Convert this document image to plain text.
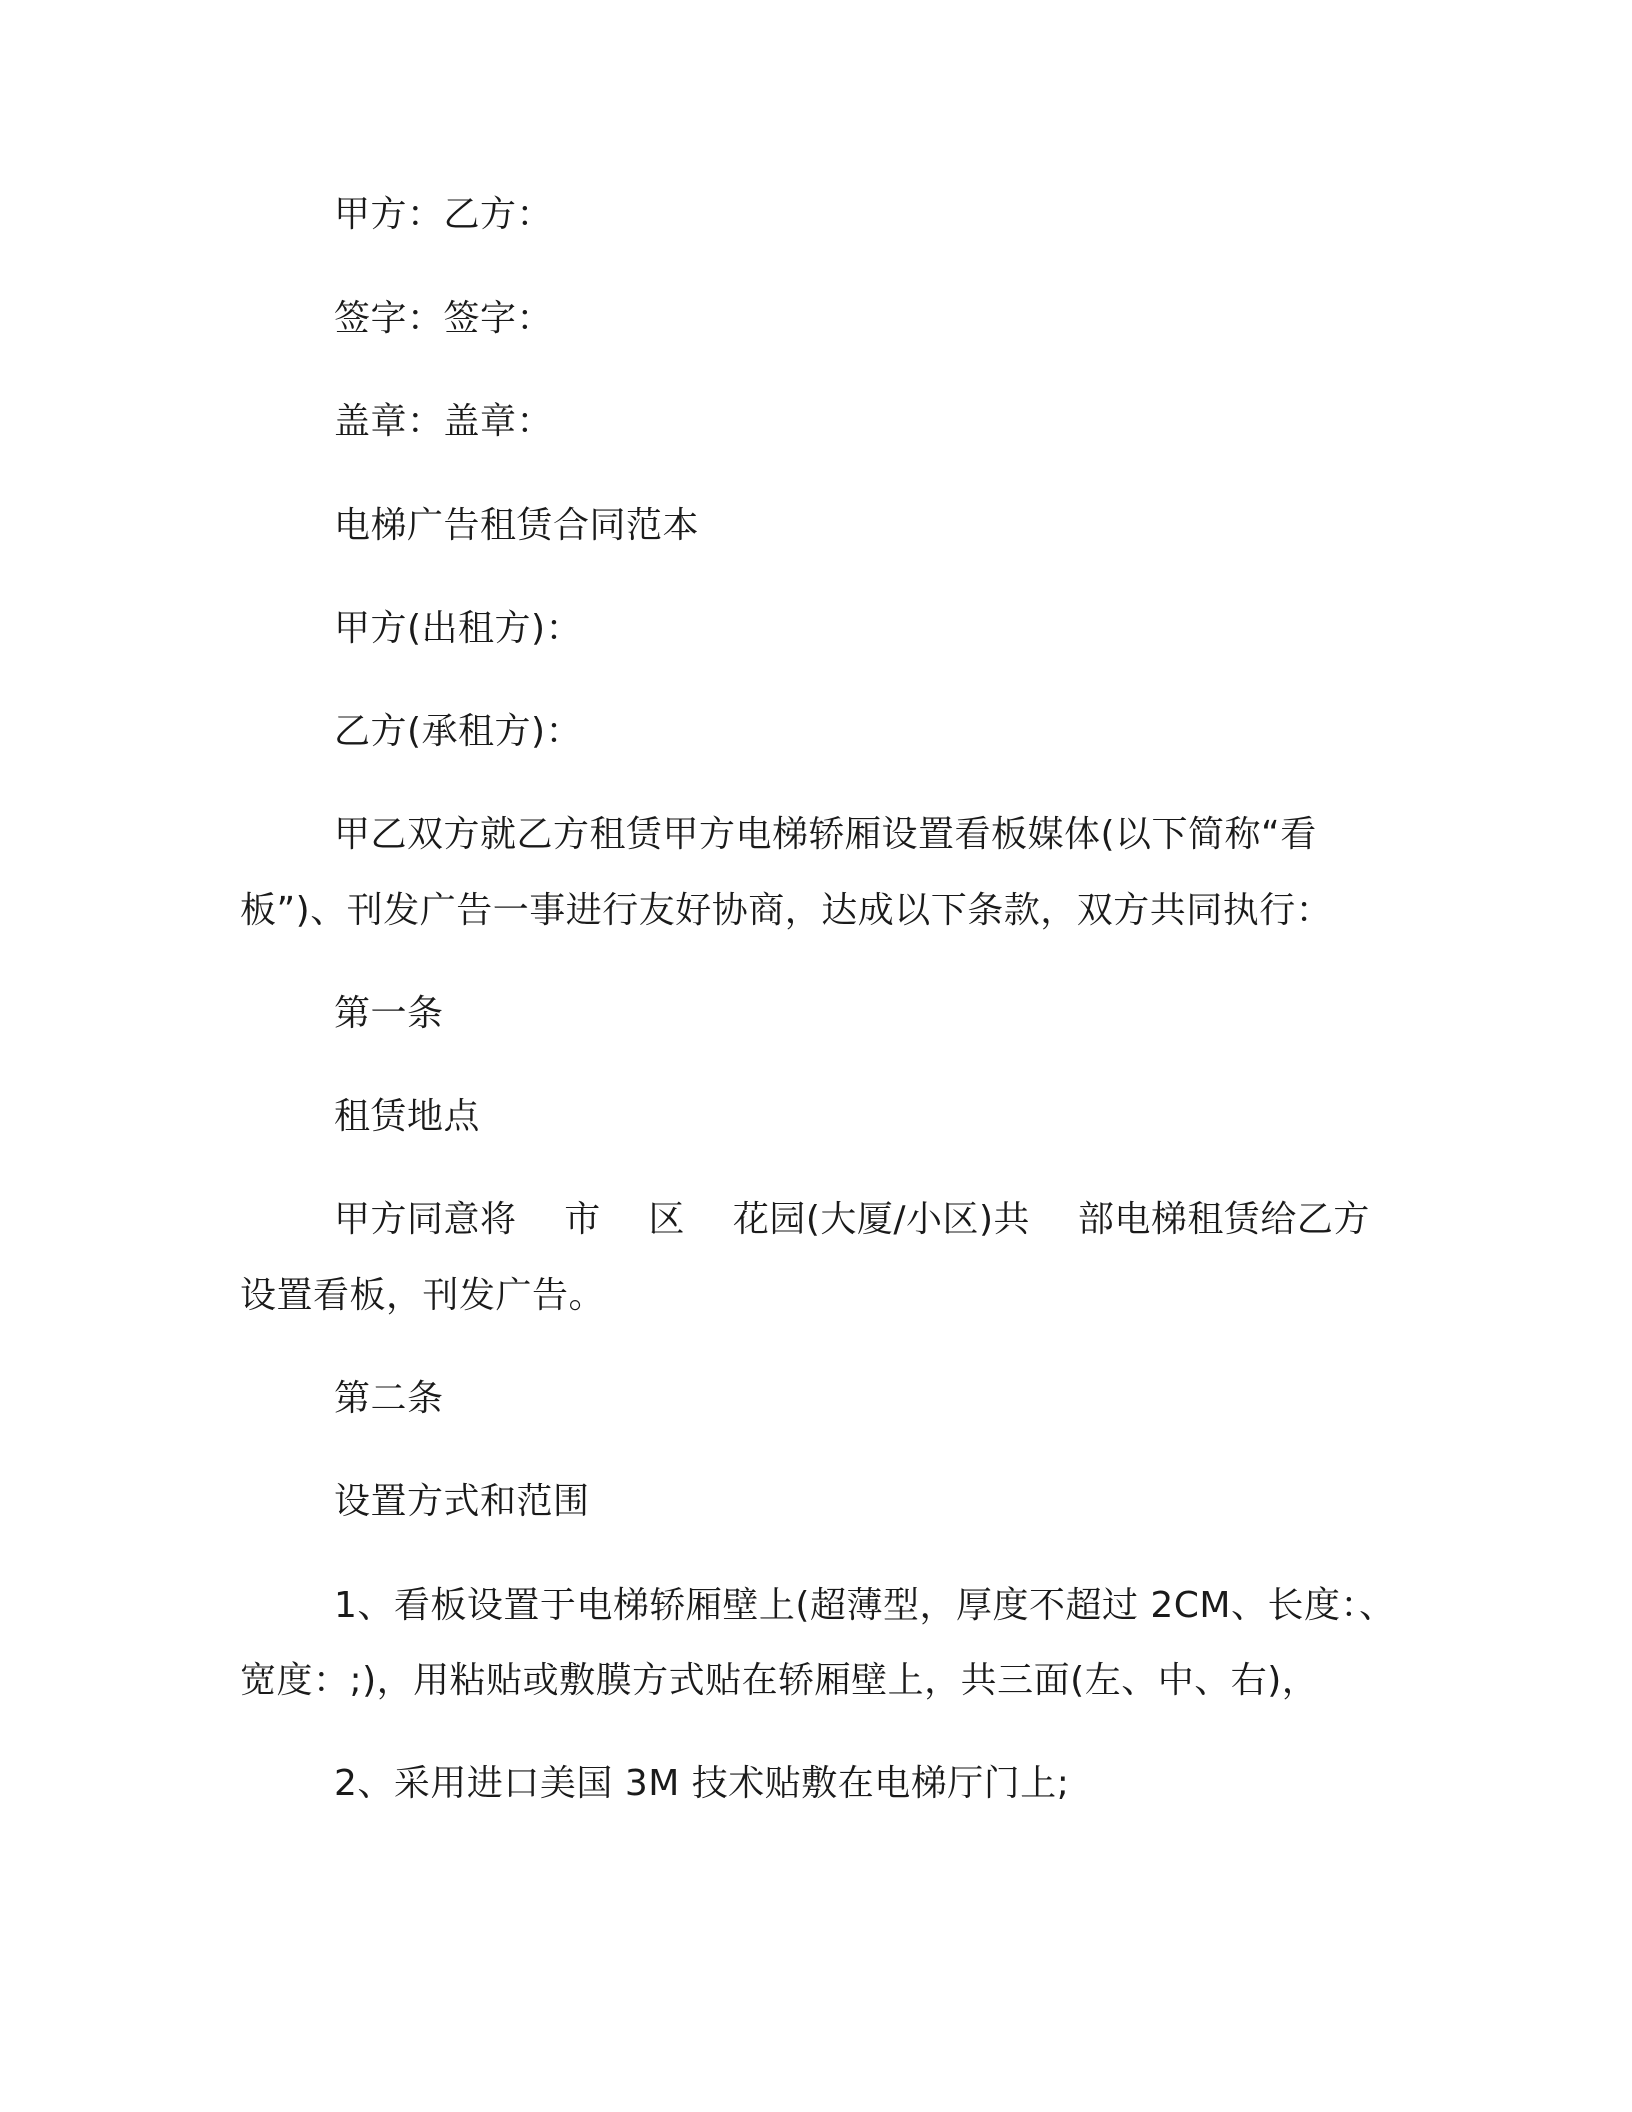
甲方：乙方：
签字：签字：
盖章：盖章：
电梯广告租赁合同范本
甲方(出租方)：
乙方(承租方)：
甲乙双方就乙方租赁甲方电梯轿厢设置看板媒体(以下简称“看
板”)、刊发广告一事进行友好协商，达成以下条款，双方共同执行：
第一条
租赁地点
甲方同意将    市    区    花园(大厦/小区)共    部电梯租赁给乙方
设置看板，刊发广告。
第二条
设置方式和范围
1、看板设置于电梯轿厢壁上(超薄型，厚度不超过 2CM、长度：、
宽度：;)，用粘贴或敷膜方式贴在轿厢壁上，共三面(左、中、右)，
2、采用进口美国 3M 技术贴敷在电梯厅门上;
